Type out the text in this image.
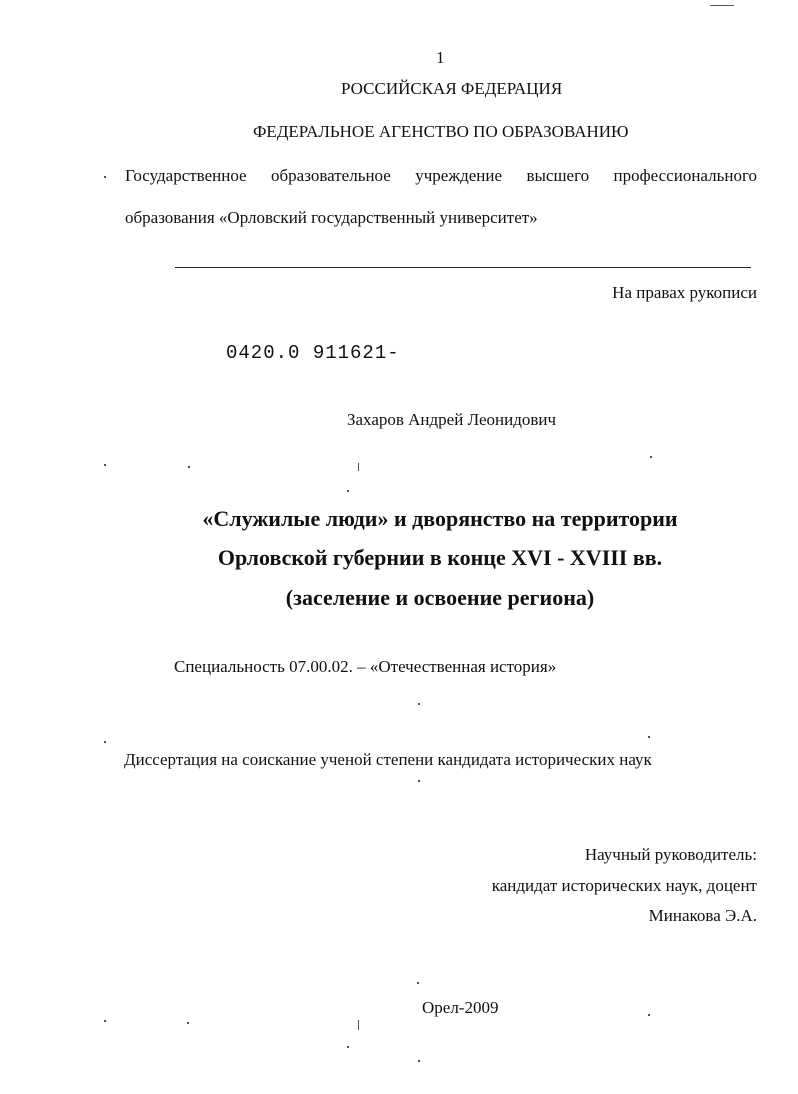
1
РОССИЙСКАЯ ФЕДЕРАЦИЯ
ФЕДЕРАЛЬНОЕ АГЕНСТВО ПО ОБРАЗОВАНИЮ
Государственное образовательное учреждение высшего профессионального
образования «Орловский государственный университет»
На правах рукописи
0420.0 911621-
Захаров Андрей Леонидович
«Служилые люди» и дворянство на территории
Орловской губернии в конце XVI - XVIII вв.
(заселение и освоение региона)
Специальность 07.00.02. – «Отечественная история»
Диссертация на соискание ученой степени кандидата исторических наук
Научный руководитель:
кандидат исторических наук, доцент
Минакова Э.А.
Орел-2009
